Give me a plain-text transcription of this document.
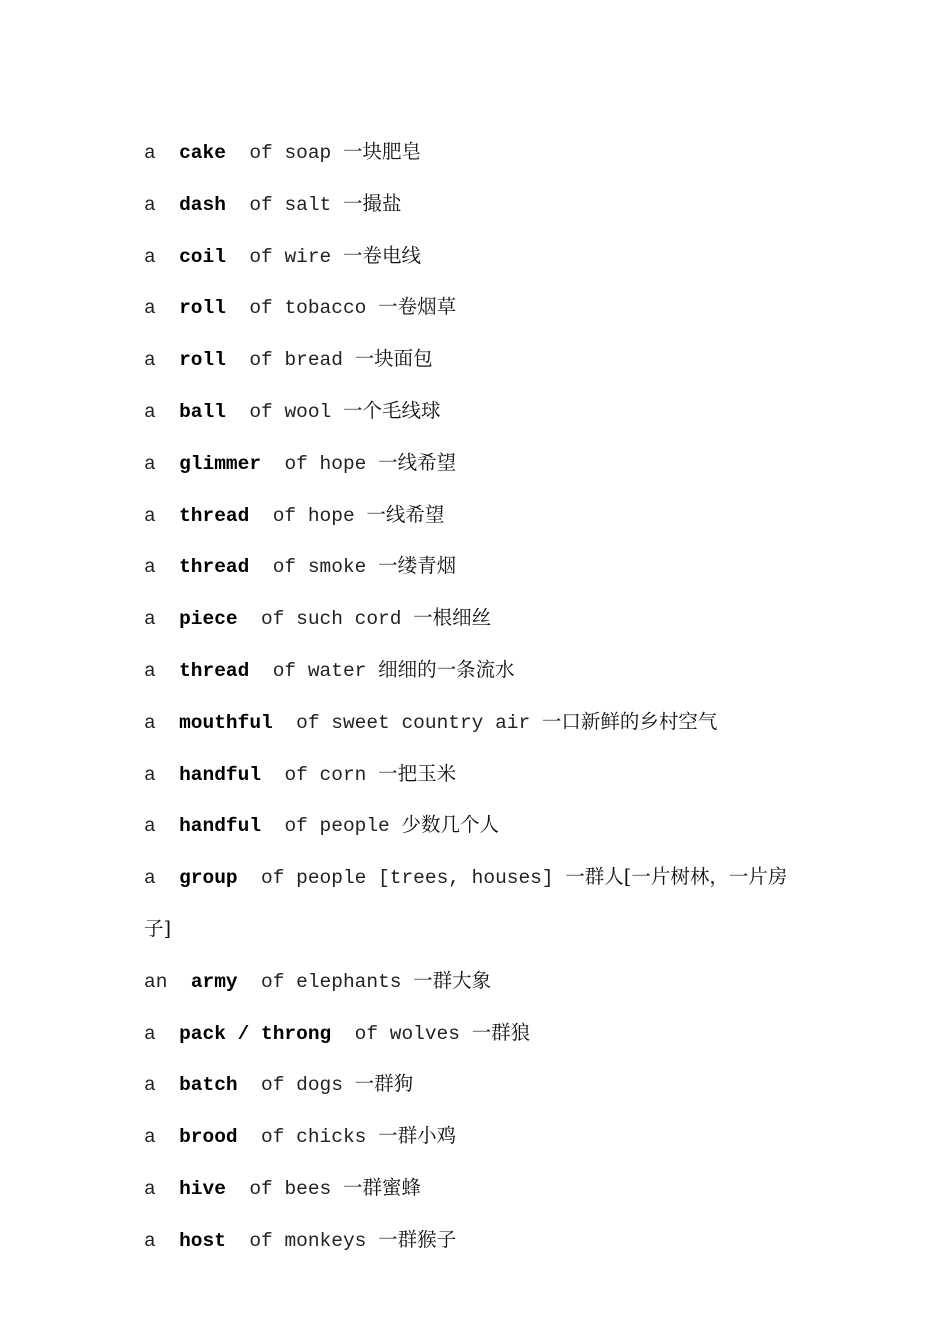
a cake of soap 一块肥皂
a dash of salt 一撮盐
a coil of wire 一卷电线
a roll of tobacco 一卷烟草
a roll of bread 一块面包
a ball of wool 一个毛线球
a glimmer of hope 一线希望
a thread of hope 一线希望
a thread of smoke 一缕青烟
a piece of such cord 一根细丝
a thread of water 细细的一条流水
a mouthful of sweet country air 一口新鲜的乡村空气
a handful of corn 一把玉米
a handful of people 少数几个人
a group of people [trees, houses] 一群人[一片树林，一片房子]
an army of elephants 一群大象
a pack / throng of wolves 一群狼
a batch of dogs 一群狗
a brood of chicks 一群小鸡
a hive of bees 一群蜜蜂
a host of monkeys 一群猴子
